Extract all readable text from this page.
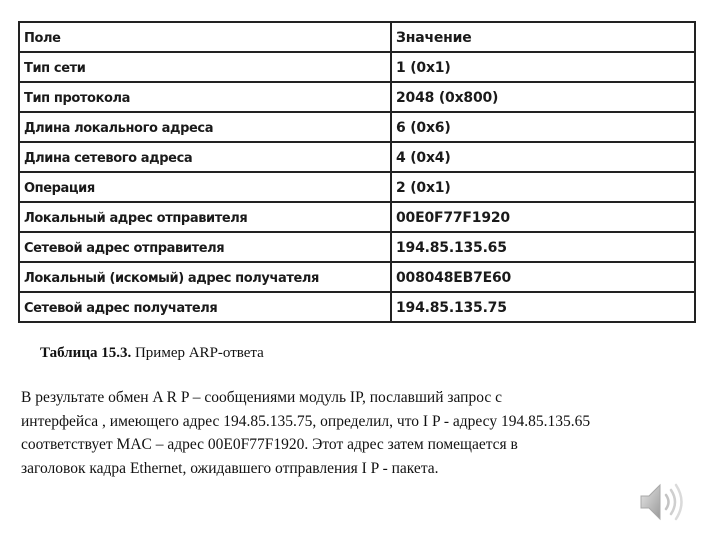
Поле	Значение
Тип сети	1 (0x1)
Тип протокола	2048 (0x800)
Длина локального адреса	6 (0x6)
Длина сетевого адреса	4 (0x4)
Операция	2 (0x1)
Локальный адрес отправителя	00E0F77F1920
Сетевой адрес отправителя	194.85.135.65
Локальный (искомый) адрес получателя	008048EB7E60
Сетевой адрес получателя	194.85.135.75

Таблица 15.3. Пример ARP-ответа

В результате обмен A R P – сообщениями модуль IP, пославший запрос с
интерфейса , имеющего адрес 194.85.135.75, определил, что I P - адресу 194.85.135.65
соответствует MAC – адрес 00E0F77F1920. Этот адрес затем помещается в
заголовок кадра Ethernet, ожидавшего отправления I P - пакета.
